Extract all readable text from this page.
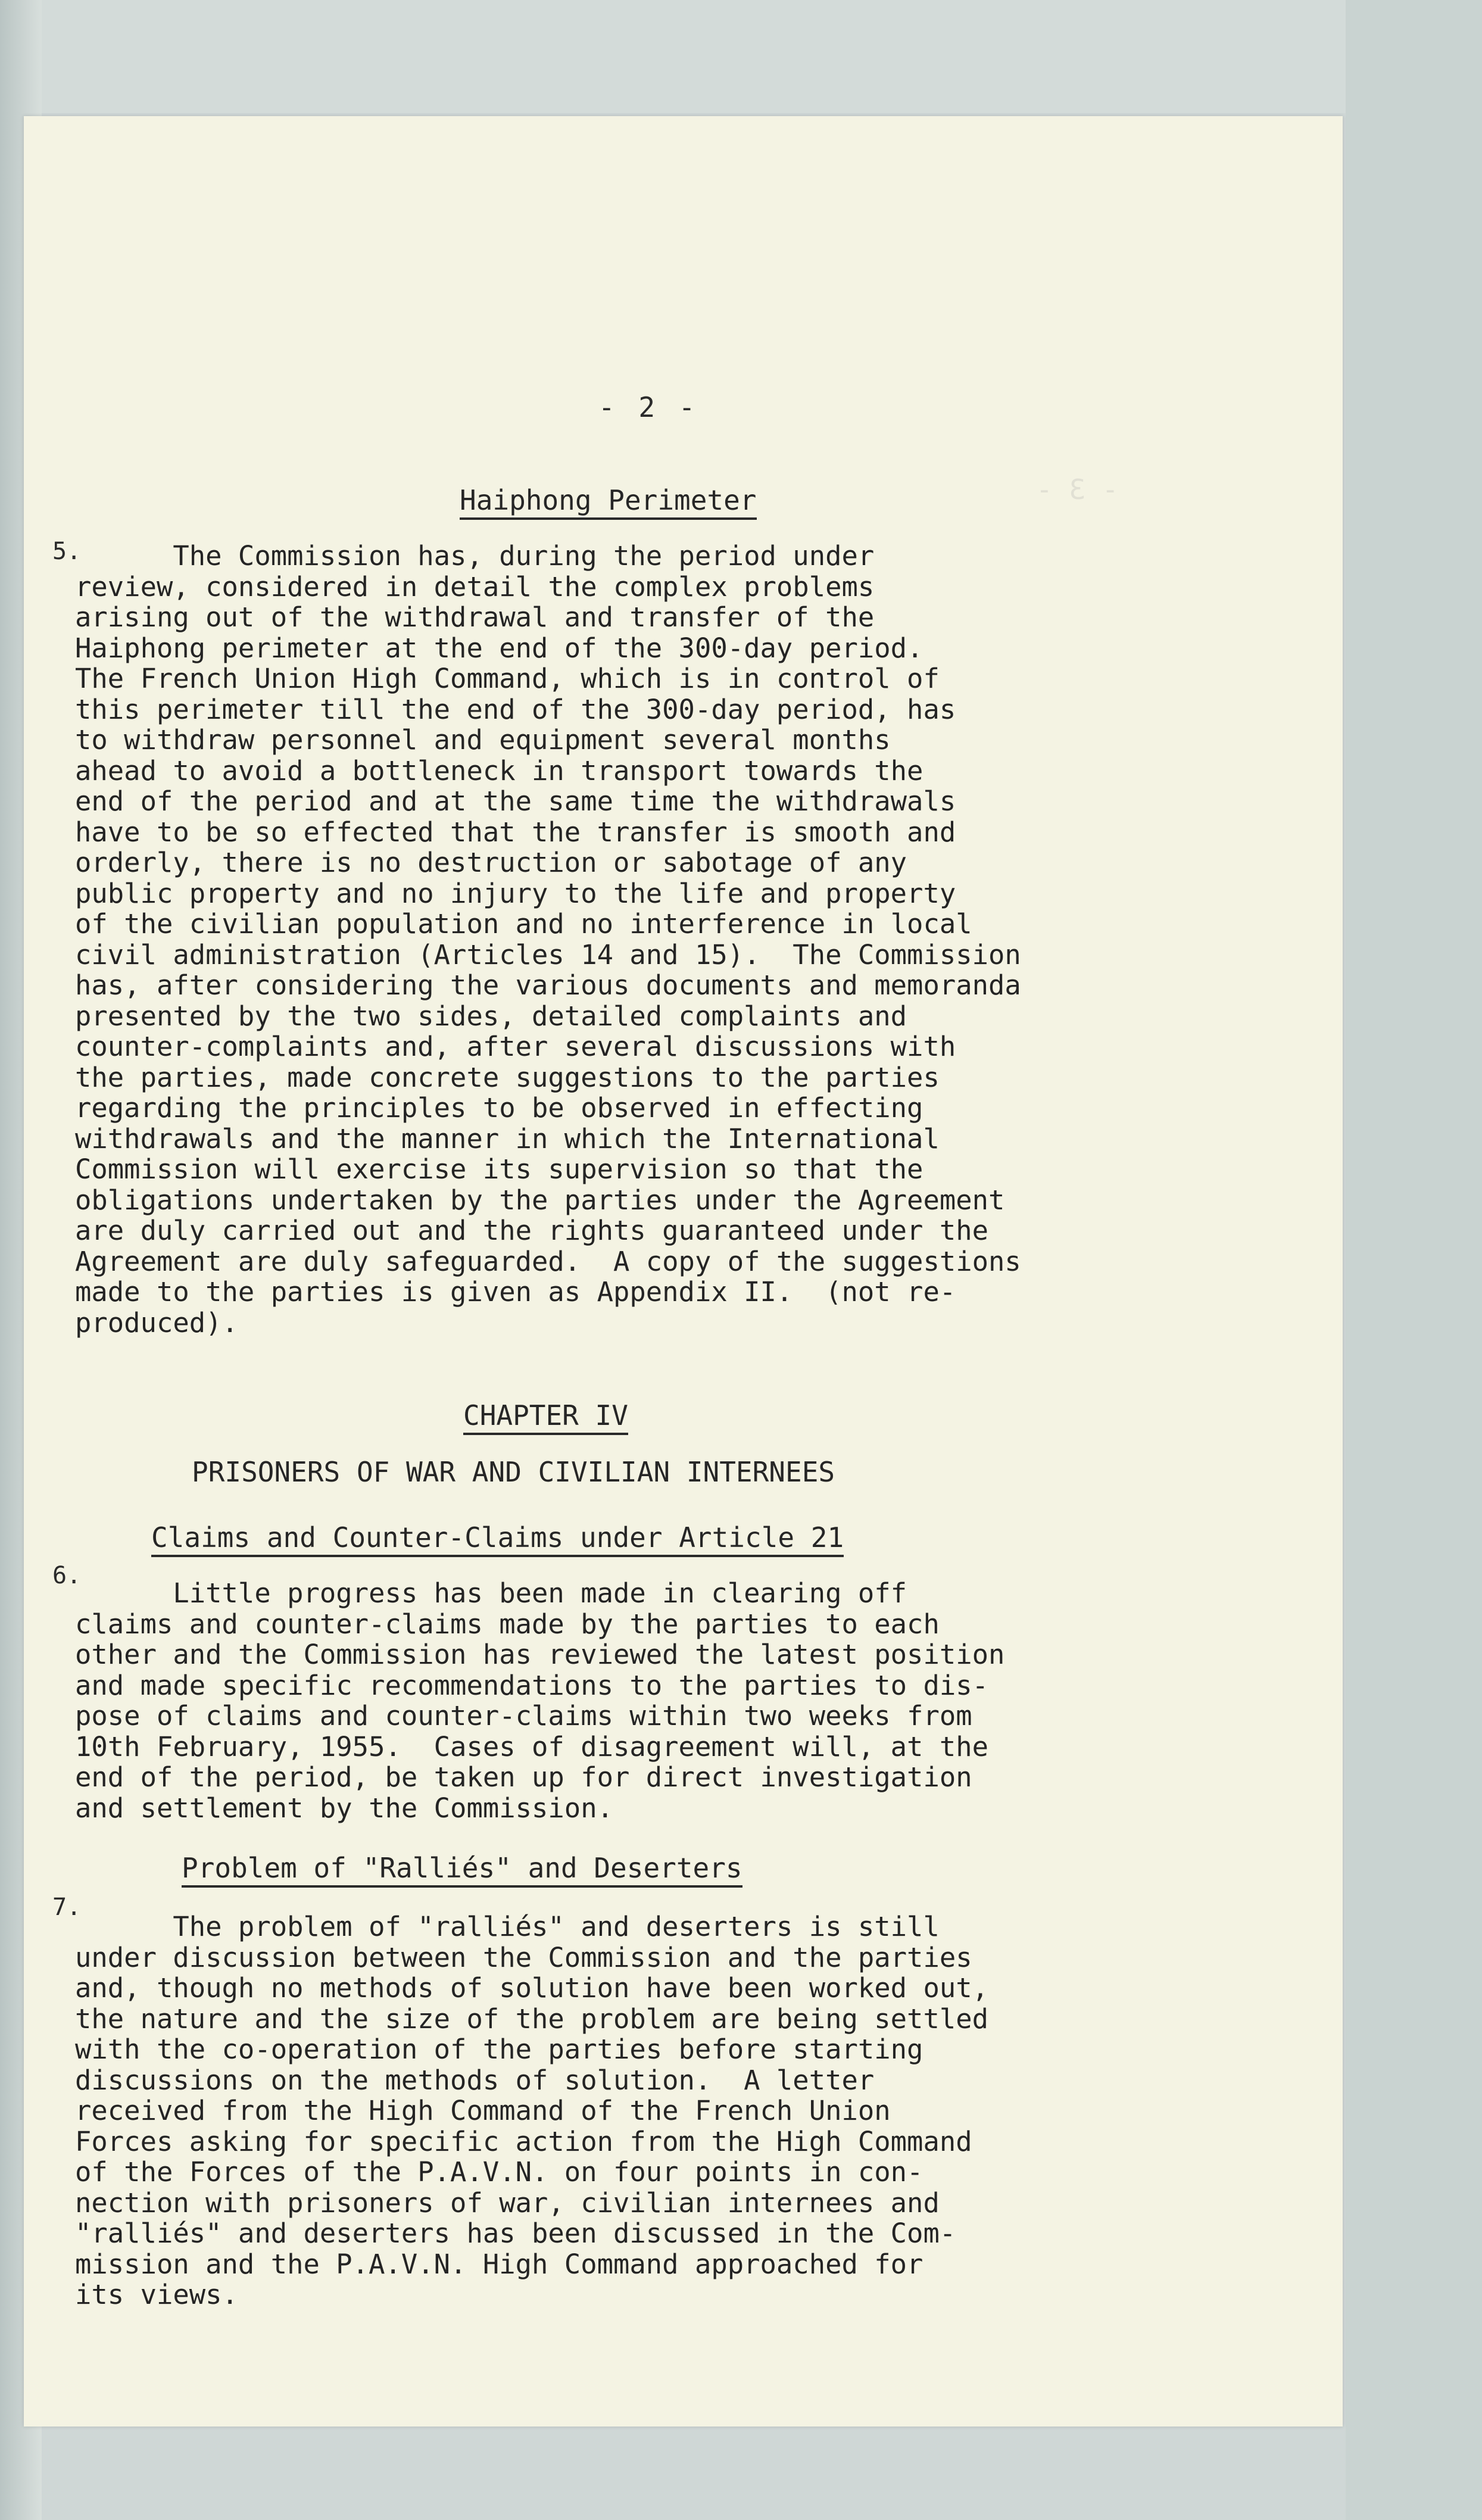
- 3 -
- 2 -
Haiphong Perimeter
5.
The Commission has, during the period under
review, considered in detail the complex problems
arising out of the withdrawal and transfer of the
Haiphong perimeter at the end of the 300-day period.
The French Union High Command, which is in control of
this perimeter till the end of the 300-day period, has
to withdraw personnel and equipment several months
ahead to avoid a bottleneck in transport towards the
end of the period and at the same time the withdrawals
have to be so effected that the transfer is smooth and
orderly, there is no destruction or sabotage of any
public property and no injury to the life and property
of the civilian population and no interference in local
civil administration (Articles 14 and 15).  The Commission
has, after considering the various documents and memoranda
presented by the two sides, detailed complaints and
counter-complaints and, after several discussions with
the parties, made concrete suggestions to the parties
regarding the principles to be observed in effecting
withdrawals and the manner in which the International
Commission will exercise its supervision so that the
obligations undertaken by the parties under the Agreement
are duly carried out and the rights guaranteed under the
Agreement are duly safeguarded.  A copy of the suggestions
made to the parties is given as Appendix II.  (not re-
produced).
CHAPTER IV
PRISONERS OF WAR AND CIVILIAN INTERNEES
Claims and Counter-Claims under Article 21
6.
Little progress has been made in clearing off
claims and counter-claims made by the parties to each
other and the Commission has reviewed the latest position
and made specific recommendations to the parties to dis-
pose of claims and counter-claims within two weeks from
10th February, 1955.  Cases of disagreement will, at the
end of the period, be taken up for direct investigation
and settlement by the Commission.
Problem of "Ralliés" and Deserters
7.
The problem of "ralliés" and deserters is still
under discussion between the Commission and the parties
and, though no methods of solution have been worked out,
the nature and the size of the problem are being settled
with the co-operation of the parties before starting
discussions on the methods of solution.  A letter
received from the High Command of the French Union
Forces asking for specific action from the High Command
of the Forces of the P.A.V.N. on four points in con-
nection with prisoners of war, civilian internees and
"ralliés" and deserters has been discussed in the Com-
mission and the P.A.V.N. High Command approached for
its views.
